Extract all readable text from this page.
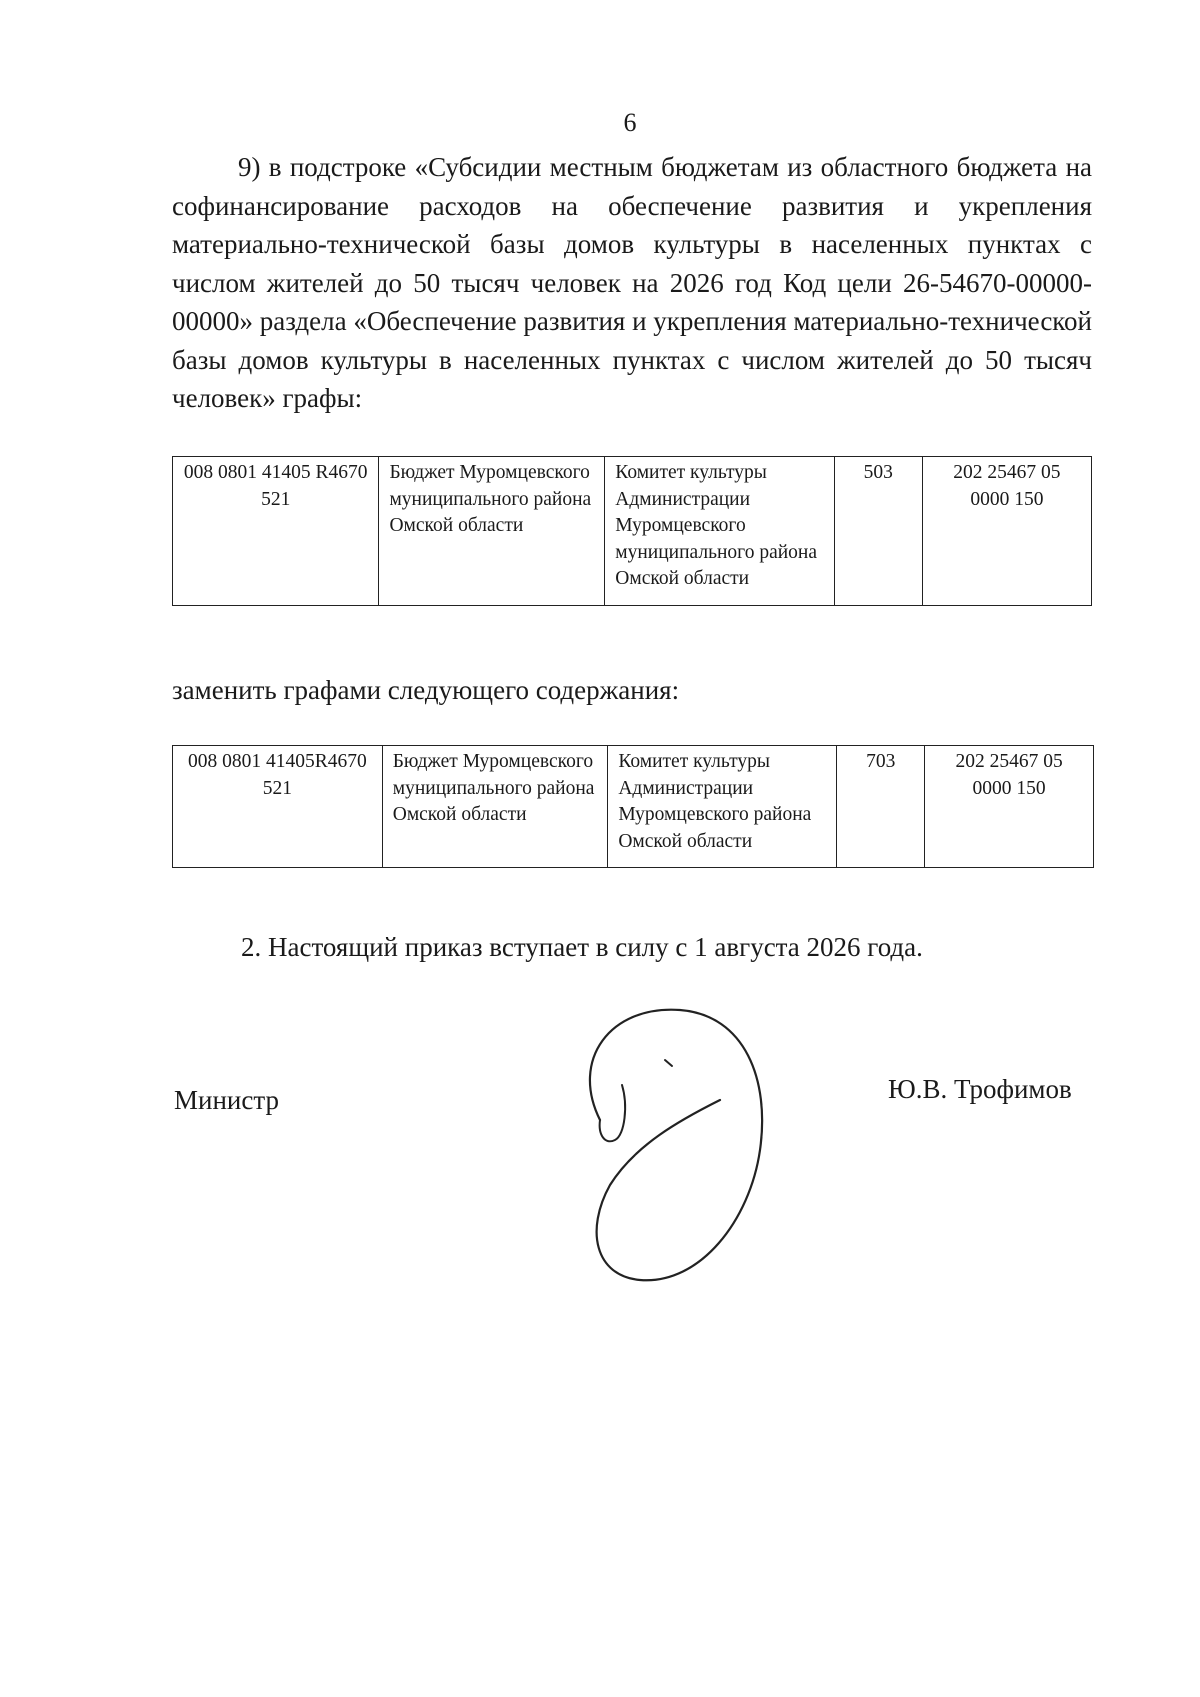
6

9) в подстроке «Субсидии местным бюджетам из областного бюджета на софинансирование расходов на обеспечение развития и укрепления материально-технической базы домов культуры в населенных пунктах с числом жителей до 50 тысяч человек на 2026 год Код цели 26-54670-00000-00000» раздела «Обеспечение развития и укрепления материально-технической базы домов культуры в населенных пунктах с числом жителей до 50 тысяч человек» графы:

008 0801 41405 R4670 521	Бюджет Муромцевского муниципального района Омской области	Комитет культуры Администрации Муромцевского муниципального района Омской области	503	202 25467 05 0000 150

заменить графами следующего содержания:

008 0801 41405R4670 521	Бюджет Муромцевского муниципального района Омской области	Комитет культуры Администрации Муромцевского района Омской области	703	202 25467 05 0000 150

2. Настоящий приказ вступает в силу с 1 августа 2026 года.

Министр	Ю.В. Трофимов
